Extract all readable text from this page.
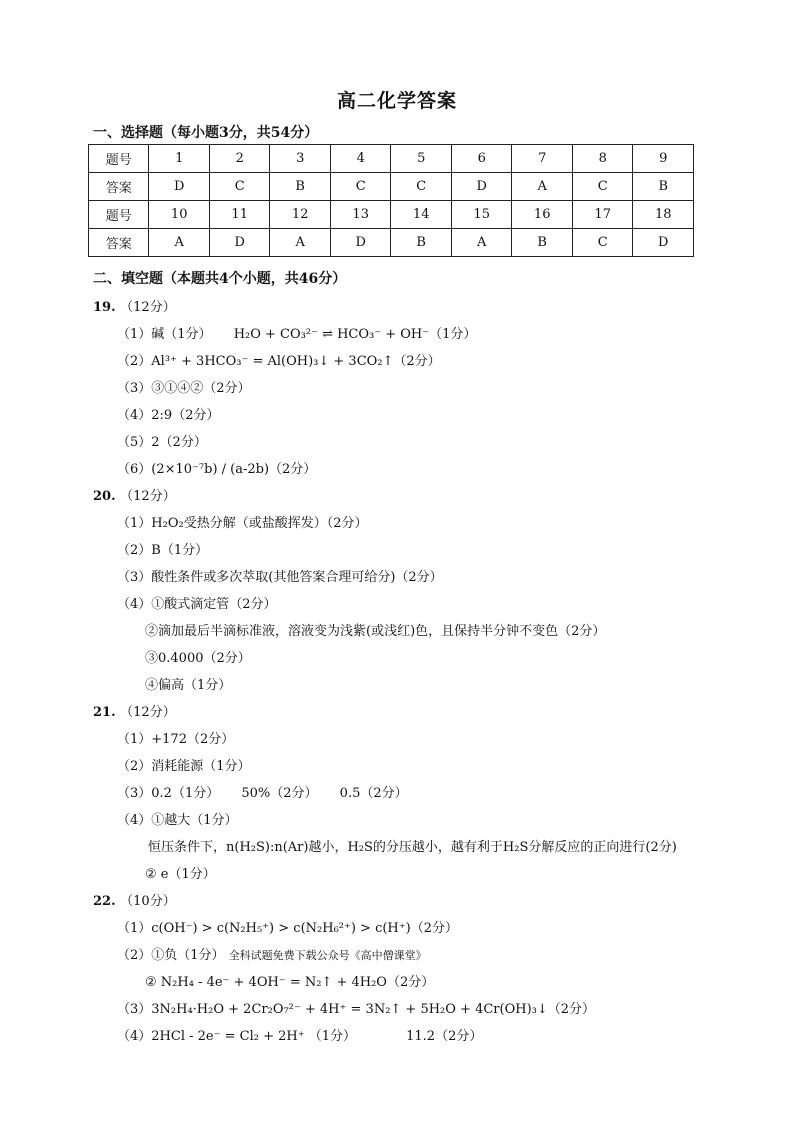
高二化学答案
一、选择题（每小题3分，共54分）
题号	1	2	3	4	5	6	7	8	9
答案	D	C	B	C	C	D	A	C	B
题号	10	11	12	13	14	15	16	17	18
答案	A	D	A	D	B	A	B	C	D
二、填空题（本题共4个小题，共46分）
19. （12分）
（1）碱（1分） H₂O + CO₃²⁻ ⇌ HCO₃⁻ + OH⁻（1分）
（2）Al³⁺ + 3HCO₃⁻ = Al(OH)₃↓ + 3CO₂↑（2分）
（3）③①④②（2分）
（4）2:9（2分）
（5）2（2分）
（6）(2×10⁻⁷b) / (a-2b)（2分）
20. （12分）
（1）H₂O₂受热分解（或盐酸挥发）（2分）
（2）B（1分）
（3）酸性条件或多次萃取(其他答案合理可给分)（2分）
（4）①酸式滴定管（2分）
②滴加最后半滴标准液，溶液变为浅紫(或浅红)色，且保持半分钟不变色（2分）
③0.4000（2分）
④偏高（1分）
21. （12分）
（1）+172（2分）
（2）消耗能源（1分）
（3）0.2（1分） 50%（2分） 0.5（2分）
（4）①越大（1分）
恒压条件下，n(H₂S):n(Ar)越小，H₂S的分压越小，越有利于H₂S分解反应的正向进行(2分)
② e（1分）
22. （10分）
（1）c(OH⁻) > c(N₂H₅⁺) > c(N₂H₆²⁺) > c(H⁺)（2分）
（2）①负（1分） 全科试题免费下载公众号《高中僧课堂》
② N₂H₄ - 4e⁻ + 4OH⁻ = N₂↑ + 4H₂O（2分）
（3）3N₂H₄·H₂O + 2Cr₂O₇²⁻ + 4H⁺ = 3N₂↑ + 5H₂O + 4Cr(OH)₃↓（2分）
（4）2HCl - 2e⁻ = Cl₂ + 2H⁺ （1分）	11.2（2分）
